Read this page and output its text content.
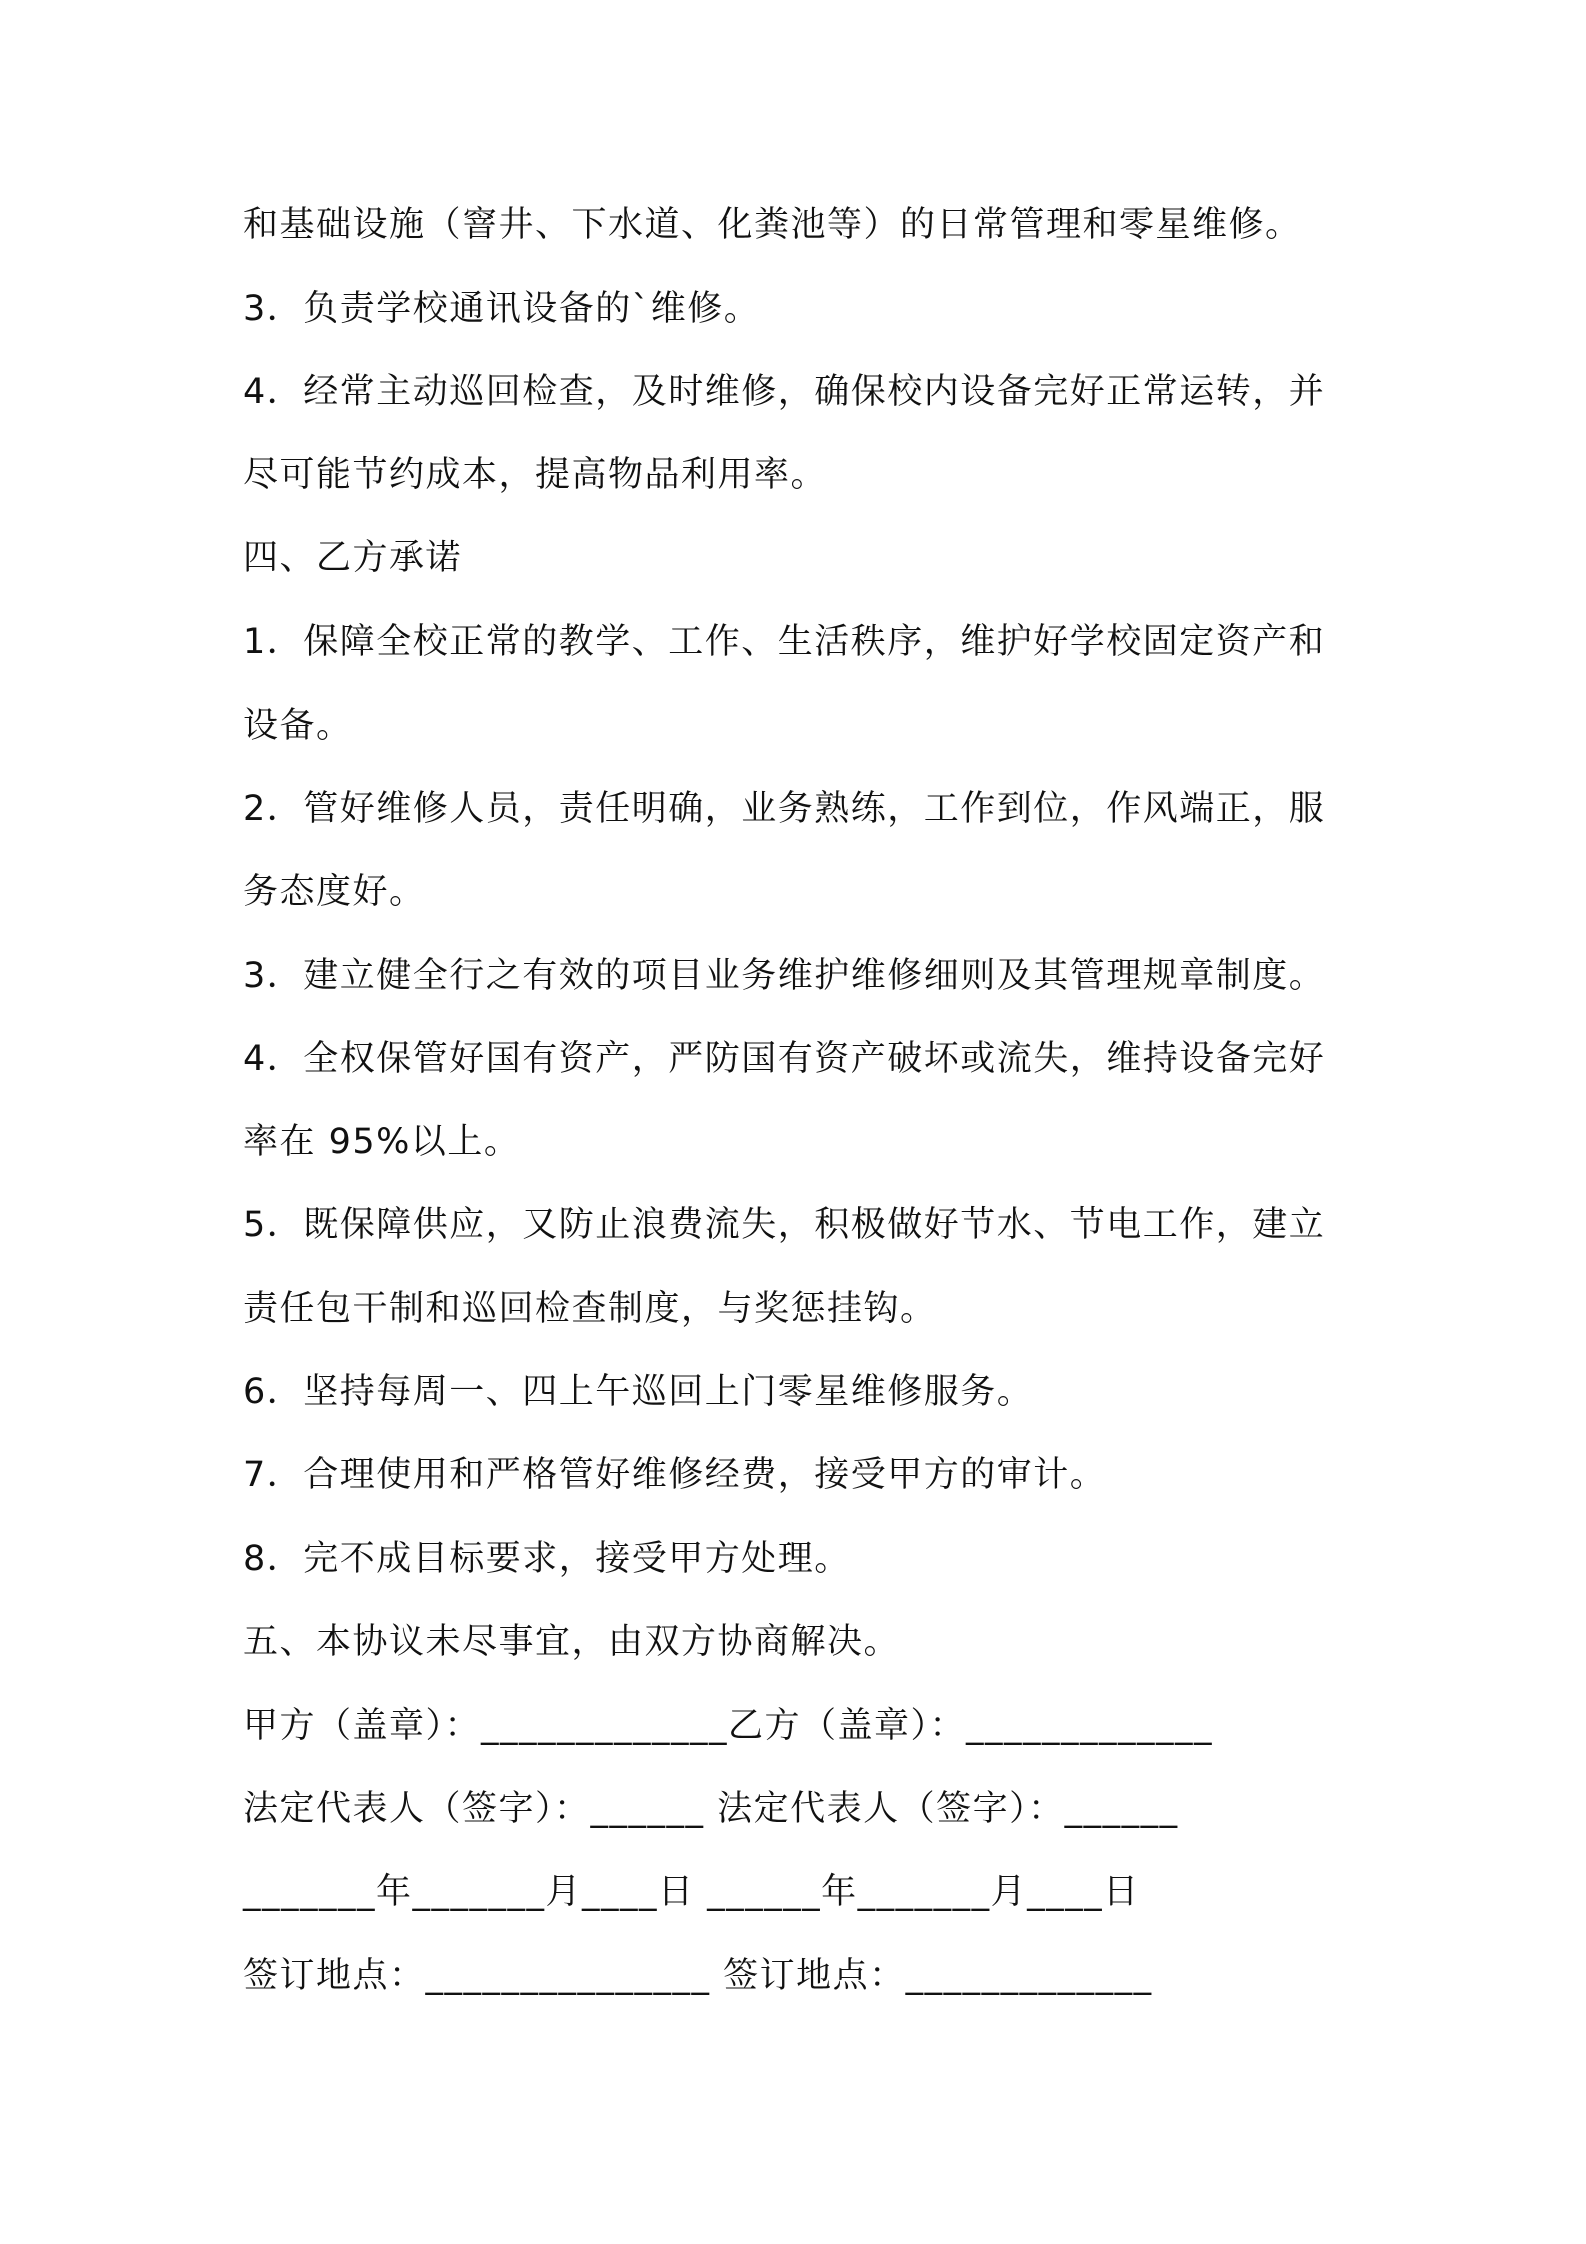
和基础设施（窨井、下水道、化粪池等）的日常管理和零星维修。
3．负责学校通讯设备的`维修。
4．经常主动巡回检查，及时维修，确保校内设备完好正常运转，并
尽可能节约成本，提高物品利用率。
四、乙方承诺
1．保障全校正常的教学、工作、生活秩序，维护好学校固定资产和
设备。
2．管好维修人员，责任明确，业务熟练，工作到位，作风端正，服
务态度好。
3．建立健全行之有效的项目业务维护维修细则及其管理规章制度。
4．全权保管好国有资产，严防国有资产破坏或流失，维持设备完好
率在 95%以上。
5．既保障供应，又防止浪费流失，积极做好节水、节电工作，建立
责任包干制和巡回检查制度，与奖惩挂钩。
6．坚持每周一、四上午巡回上门零星维修服务。
7．合理使用和严格管好维修经费，接受甲方的审计。
8．完不成目标要求，接受甲方处理。
五、本协议未尽事宜，由双方协商解决。
甲方（盖章）：_____________乙方（盖章）：_____________
法定代表人（签字）：______ 法定代表人（签字）：______
_______年_______月____日 ______年_______月____日
签订地点：_______________ 签订地点：_____________
